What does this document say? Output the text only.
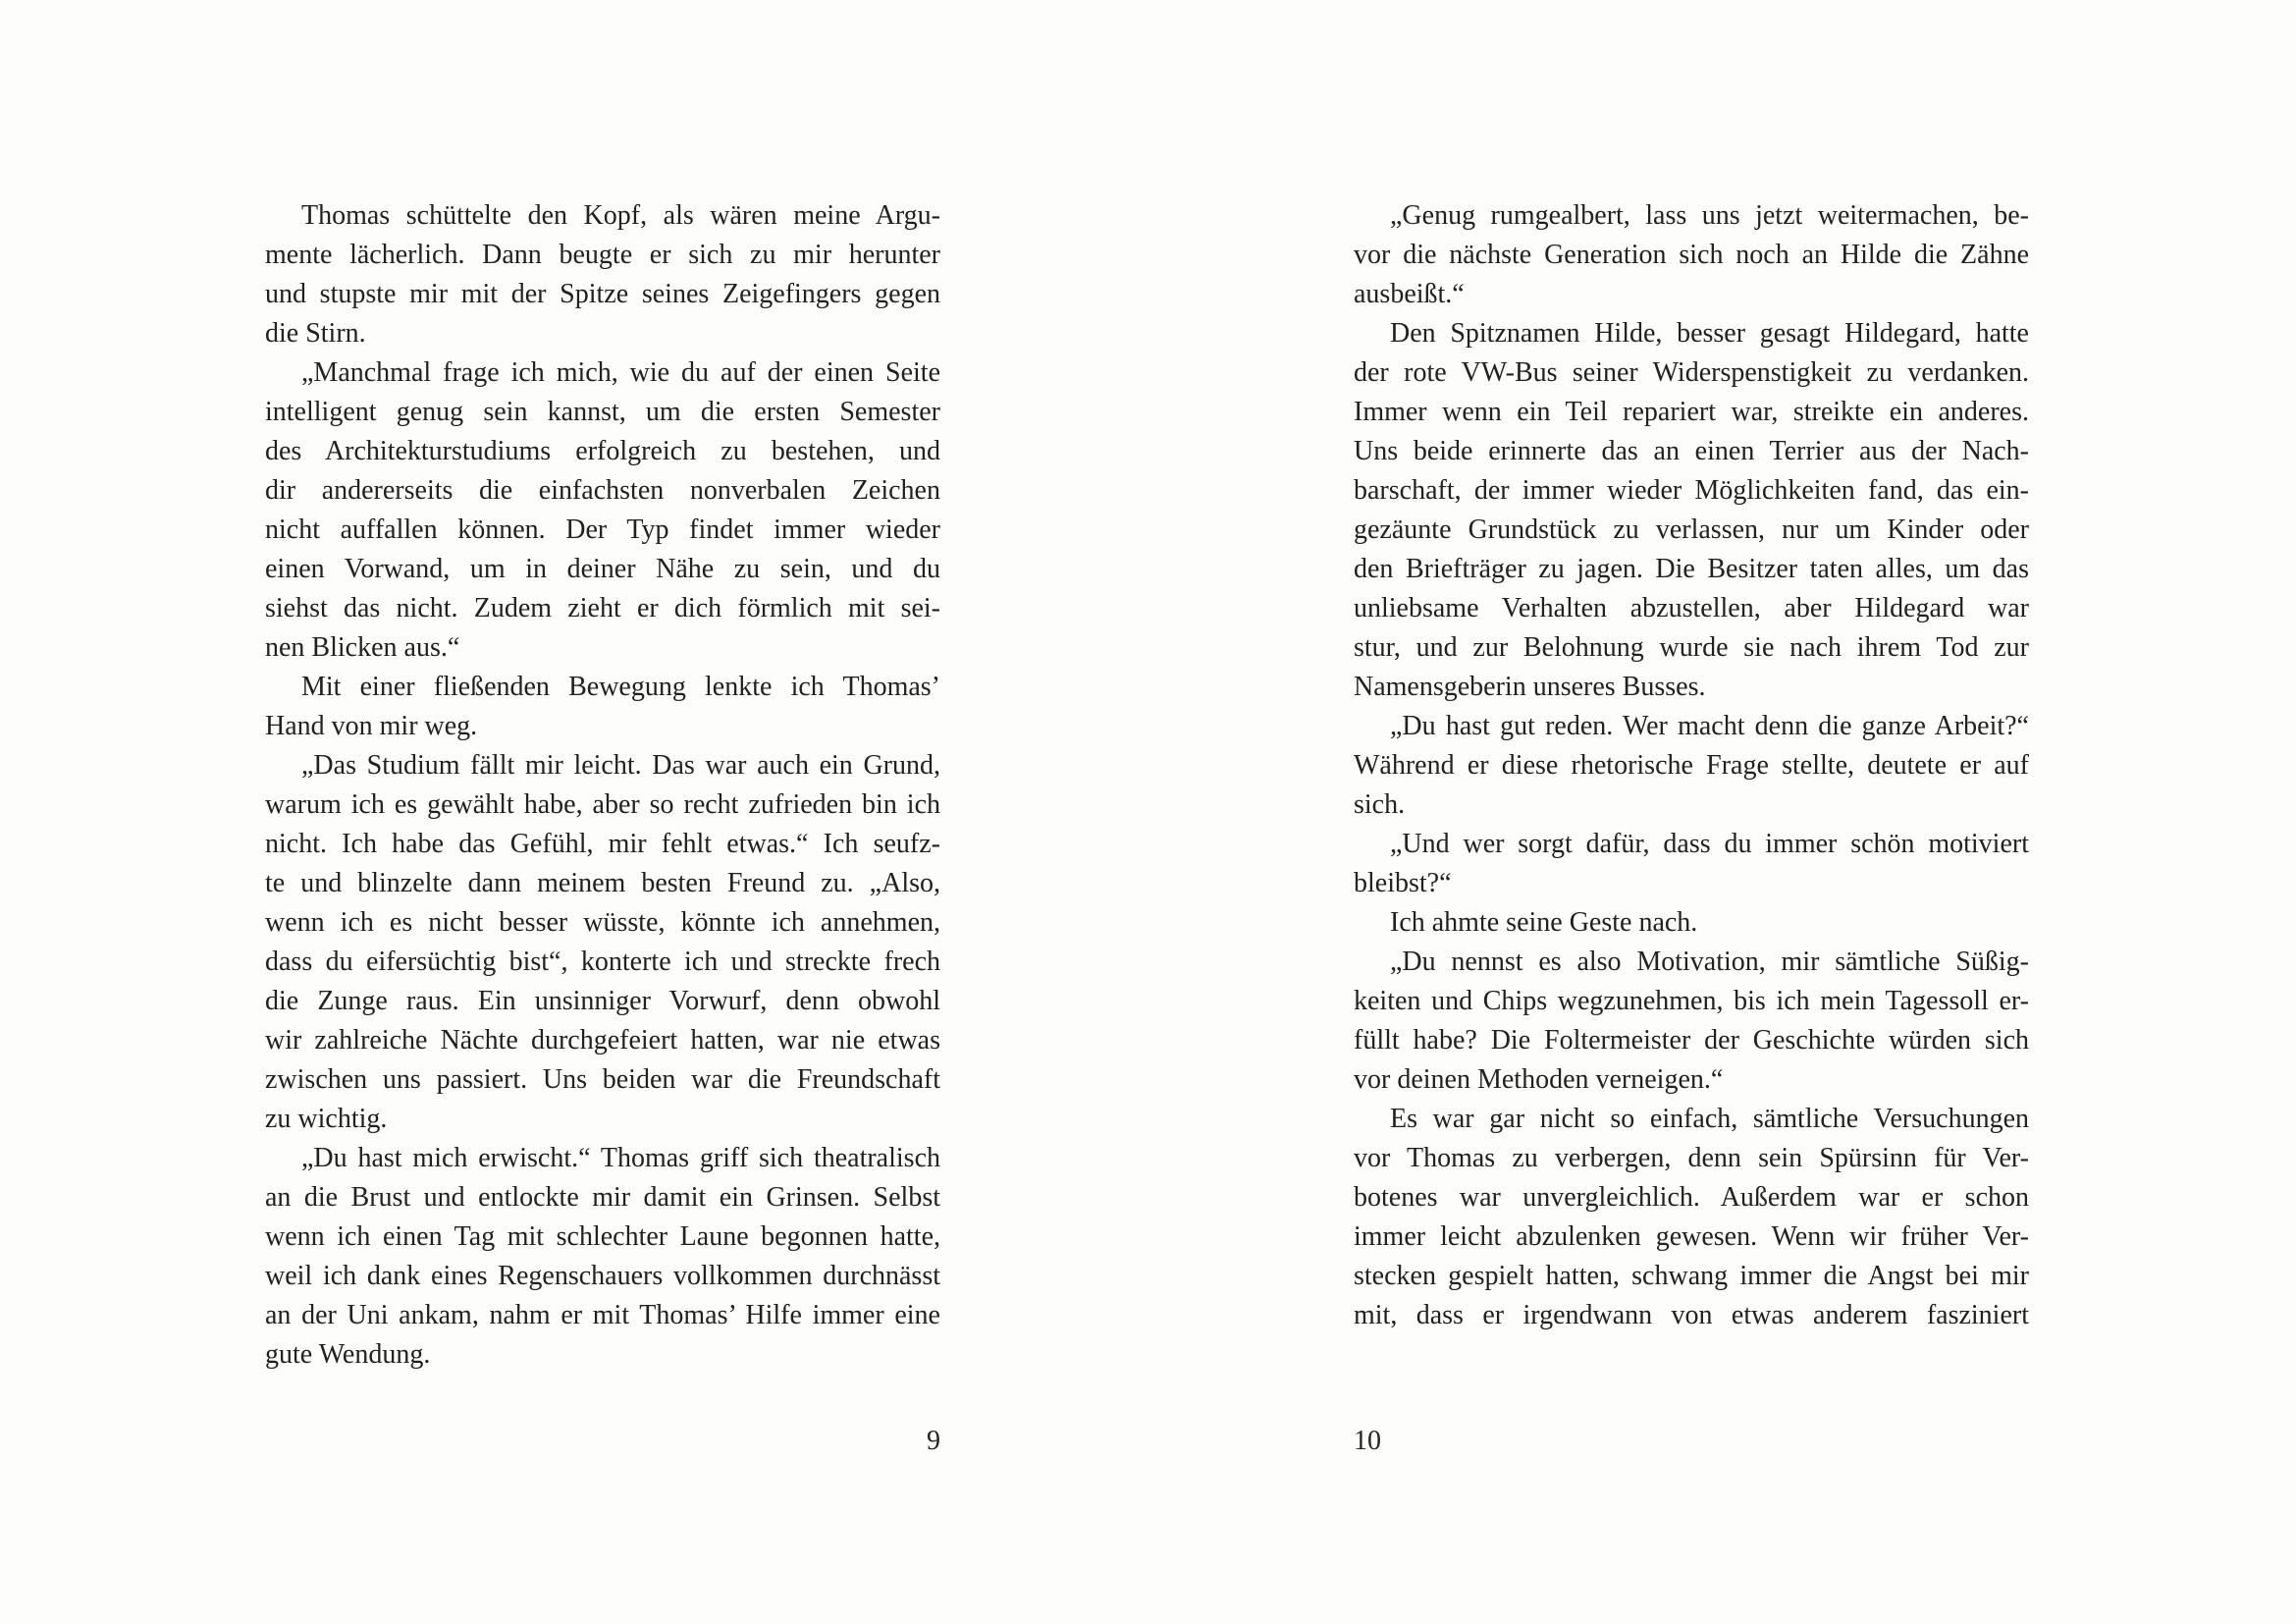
Thomas schüttelte den Kopf, als wären meine Argu-
mente lächerlich. Dann beugte er sich zu mir herunter
und stupste mir mit der Spitze seines Zeigefingers gegen
die Stirn.
„Manchmal frage ich mich, wie du auf der einen Seite
intelligent genug sein kannst, um die ersten Semester
des Architekturstudiums erfolgreich zu bestehen, und
dir andererseits die einfachsten nonverbalen Zeichen
nicht auffallen können. Der Typ findet immer wieder
einen Vorwand, um in deiner Nähe zu sein, und du
siehst das nicht. Zudem zieht er dich förmlich mit sei-
nen Blicken aus.“
Mit einer fließenden Bewegung lenkte ich Thomas’
Hand von mir weg.
„Das Studium fällt mir leicht. Das war auch ein Grund,
warum ich es gewählt habe, aber so recht zufrieden bin ich
nicht. Ich habe das Gefühl, mir fehlt etwas.“ Ich seufz-
te und blinzelte dann meinem besten Freund zu. „Also,
wenn ich es nicht besser wüsste, könnte ich annehmen,
dass du eifersüchtig bist“, konterte ich und streckte frech
die Zunge raus. Ein unsinniger Vorwurf, denn obwohl
wir zahlreiche Nächte durchgefeiert hatten, war nie etwas
zwischen uns passiert. Uns beiden war die Freundschaft
zu wichtig.
„Du hast mich erwischt.“ Thomas griff sich theatralisch
an die Brust und entlockte mir damit ein Grinsen. Selbst
wenn ich einen Tag mit schlechter Laune begonnen hatte,
weil ich dank eines Regenschauers vollkommen durchnässt
an der Uni ankam, nahm er mit Thomas’ Hilfe immer eine
gute Wendung.
„Genug rumgealbert, lass uns jetzt weitermachen, be-
vor die nächste Generation sich noch an Hilde die Zähne
ausbeißt.“
Den Spitznamen Hilde, besser gesagt Hildegard, hatte
der rote VW-Bus seiner Widerspenstigkeit zu verdanken.
Immer wenn ein Teil repariert war, streikte ein anderes.
Uns beide erinnerte das an einen Terrier aus der Nach-
barschaft, der immer wieder Möglichkeiten fand, das ein-
gezäunte Grundstück zu verlassen, nur um Kinder oder
den Briefträger zu jagen. Die Besitzer taten alles, um das
unliebsame Verhalten abzustellen, aber Hildegard war
stur, und zur Belohnung wurde sie nach ihrem Tod zur
Namensgeberin unseres Busses.
„Du hast gut reden. Wer macht denn die ganze Arbeit?“
Während er diese rhetorische Frage stellte, deutete er auf
sich.
„Und wer sorgt dafür, dass du immer schön motiviert
bleibst?“
Ich ahmte seine Geste nach.
„Du nennst es also Motivation, mir sämtliche Süßig-
keiten und Chips wegzunehmen, bis ich mein Tagessoll er-
füllt habe? Die Foltermeister der Geschichte würden sich
vor deinen Methoden verneigen.“
Es war gar nicht so einfach, sämtliche Versuchungen
vor Thomas zu verbergen, denn sein Spürsinn für Ver-
botenes war unvergleichlich. Außerdem war er schon
immer leicht abzulenken gewesen. Wenn wir früher Ver-
stecken gespielt hatten, schwang immer die Angst bei mir
mit, dass er irgendwann von etwas anderem fasziniert
9	10
